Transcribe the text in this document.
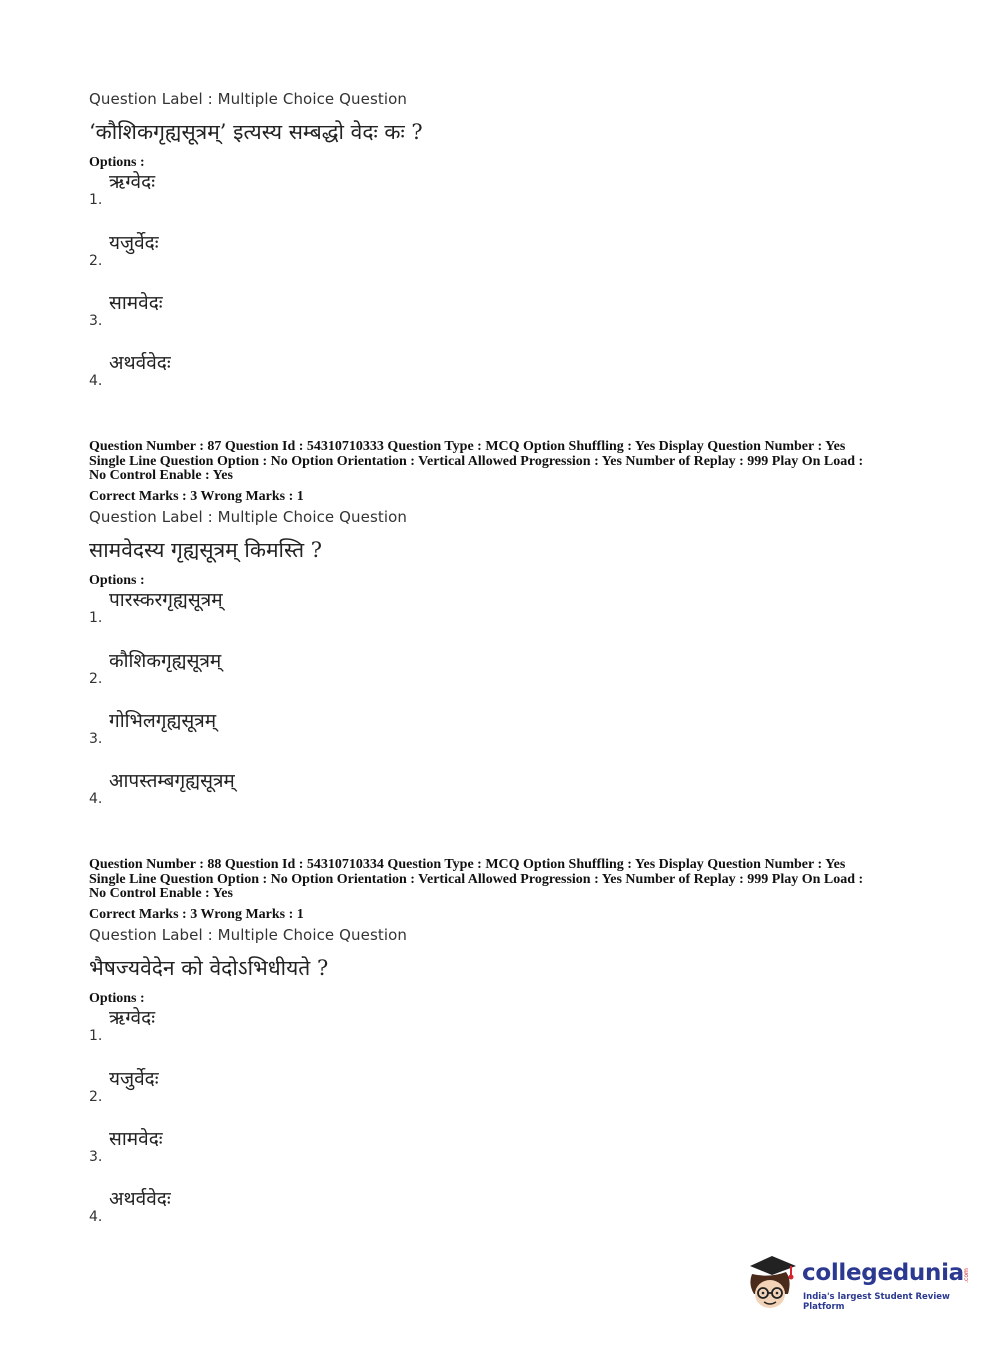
Question Label : Multiple Choice Question
‘कौशिकगृह्यसूत्रम्’ इत्यस्य सम्बद्धो वेदः कः ?
Options :
1.
ऋग्वेदः
2.
यजुर्वेदः
3.
सामवेदः
4.
अथर्ववेदः
Question Number : 87 Question Id : 54310710333 Question Type : MCQ Option Shuffling : Yes Display Question Number : Yes
Single Line Question Option : No Option Orientation : Vertical Allowed Progression : Yes Number of Replay : 999 Play On Load :
No Control Enable : Yes
Correct Marks : 3 Wrong Marks : 1
Question Label : Multiple Choice Question
सामवेदस्य गृह्यसूत्रम् किमस्ति ?
Options :
1.
पारस्करगृह्यसूत्रम्
2.
कौशिकगृह्यसूत्रम्
3.
गोभिलगृह्यसूत्रम्
4.
आपस्तम्बगृह्यसूत्रम्
Question Number : 88 Question Id : 54310710334 Question Type : MCQ Option Shuffling : Yes Display Question Number : Yes
Single Line Question Option : No Option Orientation : Vertical Allowed Progression : Yes Number of Replay : 999 Play On Load :
No Control Enable : Yes
Correct Marks : 3 Wrong Marks : 1
Question Label : Multiple Choice Question
भैषज्यवेदेन को वेदोऽभिधीयते ?
Options :
1.
ऋग्वेदः
2.
यजुर्वेदः
3.
सामवेदः
4.
अथर्ववेदः
collegedunia
.com
India's largest Student Review Platform
